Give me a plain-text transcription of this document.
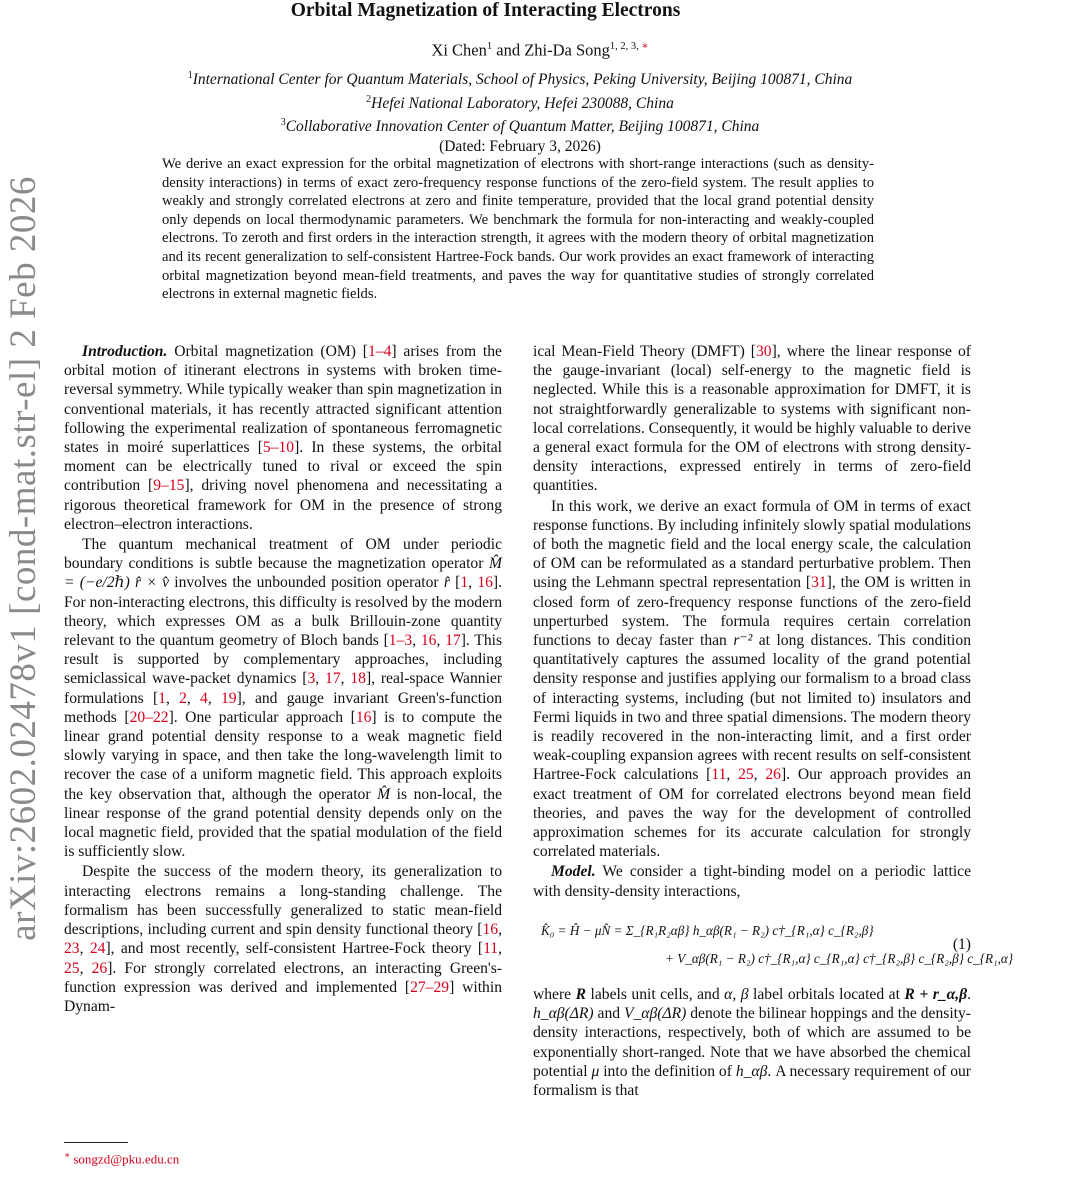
arXiv:2602.02478v1 [cond-mat.str-el] 2 Feb 2026
Orbital Magnetization of Interacting Electrons
Xi Chen$^1$ and Zhi-Da Song$^{1, 2, 3, ∗}$
$^1$International Center for Quantum Materials, School of Physics, Peking University, Beijing 100871, China
$^2$Hefei National Laboratory, Hefei 230088, China
$^3$Collaborative Innovation Center of Quantum Matter, Beijing 100871, China
(Dated: February 3, 2026)
We derive an exact expression for the orbital magnetization of electrons with short-range interactions (such as density-density interactions) in terms of exact zero-frequency response functions of the zero-field system. The result applies to weakly and strongly correlated electrons at zero and finite temperature, provided that the local grand potential density only depends on local thermodynamic parameters. We benchmark the formula for non-interacting and weakly-coupled electrons. To zeroth and first orders in the interaction strength, it agrees with the modern theory of orbital magnetization and its recent generalization to self-consistent Hartree-Fock bands. Our work provides an exact framework of interacting orbital magnetization beyond mean-field treatments, and paves the way for quantitative studies of strongly correlated electrons in external magnetic fields.

Introduction. Orbital magnetization (OM) [1–4] arises from the orbital motion of itinerant electrons in systems with broken time-reversal symmetry. While typically weaker than spin magnetization in conventional materials, it has recently attracted significant attention following the experimental realization of spontaneous ferromagnetic states in moiré superlattices [5–10]. In these systems, the orbital moment can be electrically tuned to rival or exceed the spin contribution [9–15], driving novel phenomena and necessitating a rigorous theoretical framework for OM in the presence of strong electron–electron interactions.

The quantum mechanical treatment of OM under periodic boundary conditions is subtle because the magnetization operator M̂ = (−e/2ℏ) r̂ × v̂ involves the unbounded position operator r̂ [1, 16]. For non-interacting electrons, this difficulty is resolved by the modern theory, which expresses OM as a bulk Brillouin-zone quantity relevant to the quantum geometry of Bloch bands [1–3, 16, 17]. This result is supported by complementary approaches, including semiclassical wave-packet dynamics [3, 17, 18], real-space Wannier formulations [1, 2, 4, 19], and gauge invariant Green's-function methods [20–22]. One particular approach [16] is to compute the linear grand potential density response to a weak magnetic field slowly varying in space, and then take the long-wavelength limit to recover the case of a uniform magnetic field. This approach exploits the key observation that, although the operator M̂ is non-local, the linear response of the grand potential density depends only on the local magnetic field, provided that the spatial modulation of the field is sufficiently slow.

Despite the success of the modern theory, its generalization to interacting electrons remains a long-standing challenge. The formalism has been successfully generalized to static mean-field descriptions, including current and spin density functional theory [16, 23, 24], and most recently, self-consistent Hartree-Fock theory [11, 25, 26]. For strongly correlated electrons, an interacting Green's-function expression was derived and implemented [27–29] within Dynam-

ical Mean-Field Theory (DMFT) [30], where the linear response of the gauge-invariant (local) self-energy to the magnetic field is neglected. While this is a reasonable approximation for DMFT, it is not straightforwardly generalizable to systems with significant non-local correlations. Consequently, it would be highly valuable to derive a general exact formula for the OM of electrons with strong density-density interactions, expressed entirely in terms of zero-field quantities.

In this work, we derive an exact formula of OM in terms of exact response functions. By including infinitely slowly spatial modulations of both the magnetic field and the local energy scale, the calculation of OM can be reformulated as a standard perturbative problem. Then using the Lehmann spectral representation [31], the OM is written in closed form of zero-frequency response functions of the zero-field unperturbed system. The formula requires certain correlation functions to decay faster than r⁻² at long distances. This condition quantitatively captures the assumed locality of the grand potential density response and justifies applying our formalism to a broad class of interacting systems, including (but not limited to) insulators and Fermi liquids in two and three spatial dimensions. The modern theory is readily recovered in the non-interacting limit, and a first order weak-coupling expansion agrees with recent results on self-consistent Hartree-Fock calculations [11, 25, 26]. Our approach provides an exact treatment of OM for correlated electrons beyond mean field theories, and paves the way for the development of controlled approximation schemes for its accurate calculation for strongly correlated materials.

Model. We consider a tight-binding model on a periodic lattice with density-density interactions,

K̂₀ = Ĥ − μN̂ = Σ_{R₁R₂αβ} h_αβ(R₁ − R₂) c†_{R₁,α} c_{R₂,β}
+ V_αβ(R₁ − R₂) c†_{R₁,α} c_{R₁,α} c†_{R₂,β} c_{R₂,β} c_{R₁,α}
(1)

where R labels unit cells, and α, β label orbitals located at R + r_α,β. h_αβ(ΔR) and V_αβ(ΔR) denote the bilinear hoppings and the density-density interactions, respectively, both of which are assumed to be exponentially short-ranged. Note that we have absorbed the chemical potential μ into the definition of h_αβ. A necessary requirement of our formalism is that

∗ songzd@pku.edu.cn
